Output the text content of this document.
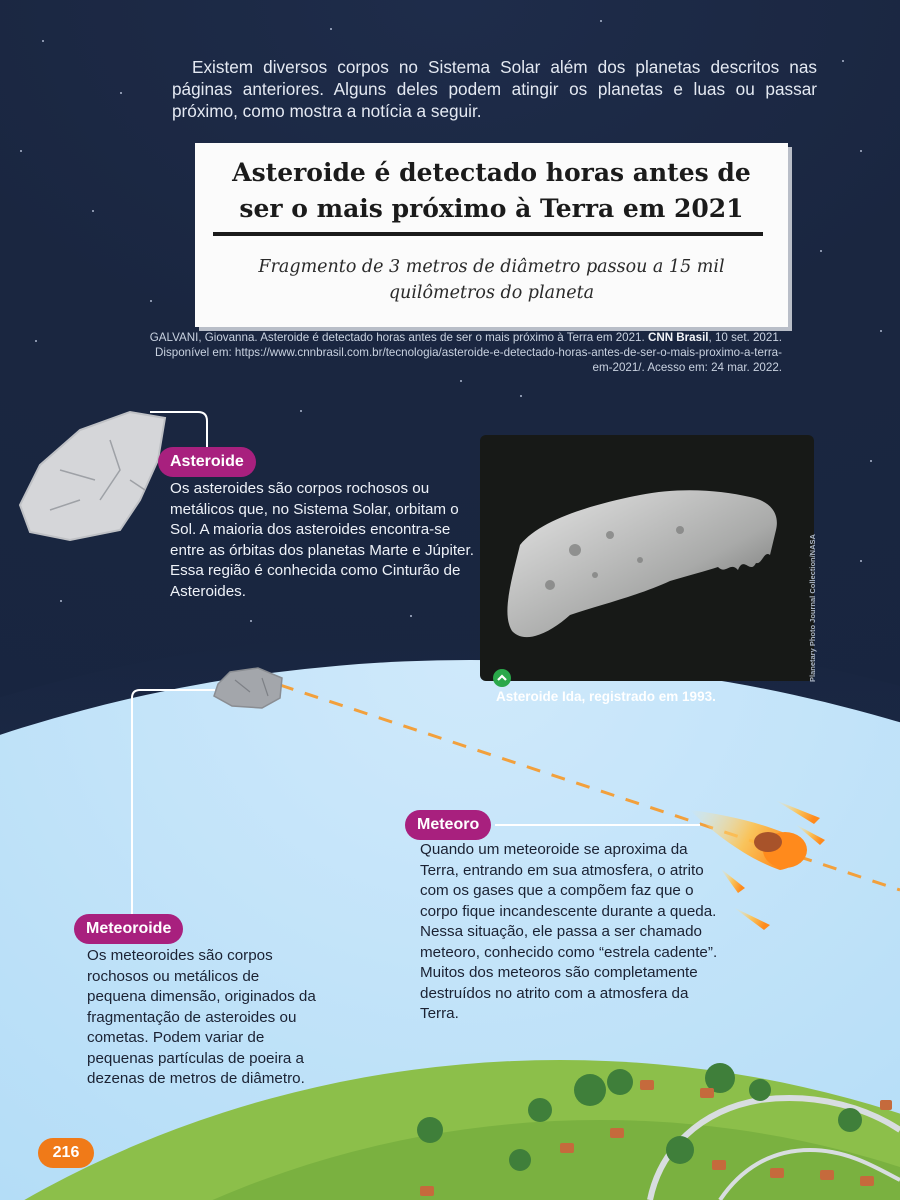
Existem diversos corpos no Sistema Solar além dos planetas descritos nas páginas anteriores. Alguns deles podem atingir os planetas e luas ou passar próximo, como mostra a notícia a seguir.

Asteroide é detectado horas antes de ser o mais próximo à Terra em 2021

Fragmento de 3 metros de diâmetro passou a 15 mil quilômetros do planeta

GALVANI, Giovanna. Asteroide é detectado horas antes de ser o mais próximo à Terra em 2021. CNN Brasil, 10 set. 2021. Disponível em: https://www.cnnbrasil.com.br/tecnologia/asteroide-e-detectado-horas-antes-de-ser-o-mais-proximo-a-terra-em-2021/. Acesso em: 24 mar. 2022.

Asteroide

Os asteroides são corpos rochosos ou metálicos que, no Sistema Solar, orbitam o Sol. A maioria dos asteroides encontra-se entre as órbitas dos planetas Marte e Júpiter. Essa região é conhecida como Cinturão de Asteroides.	Planetary Photo Journal Collection/NASA
Asteroide Ida, registrado em 1993.
Meteoro

Quando um meteoroide se aproxima da Terra, entrando em sua atmosfera, o atrito com os gases que a compõem faz que o corpo fique incandescente durante a queda. Nessa situação, ele passa a ser chamado meteoro, conhecido como “estrela cadente”. Muitos dos meteoros são completamente destruídos no atrito com a atmosfera da Terra.

Meteoroide

Os meteoroides são corpos rochosos ou metálicos de pequena dimensão, originados da fragmentação de asteroides ou cometas. Podem variar de pequenas partículas de poeira a dezenas de metros de diâmetro.

216
